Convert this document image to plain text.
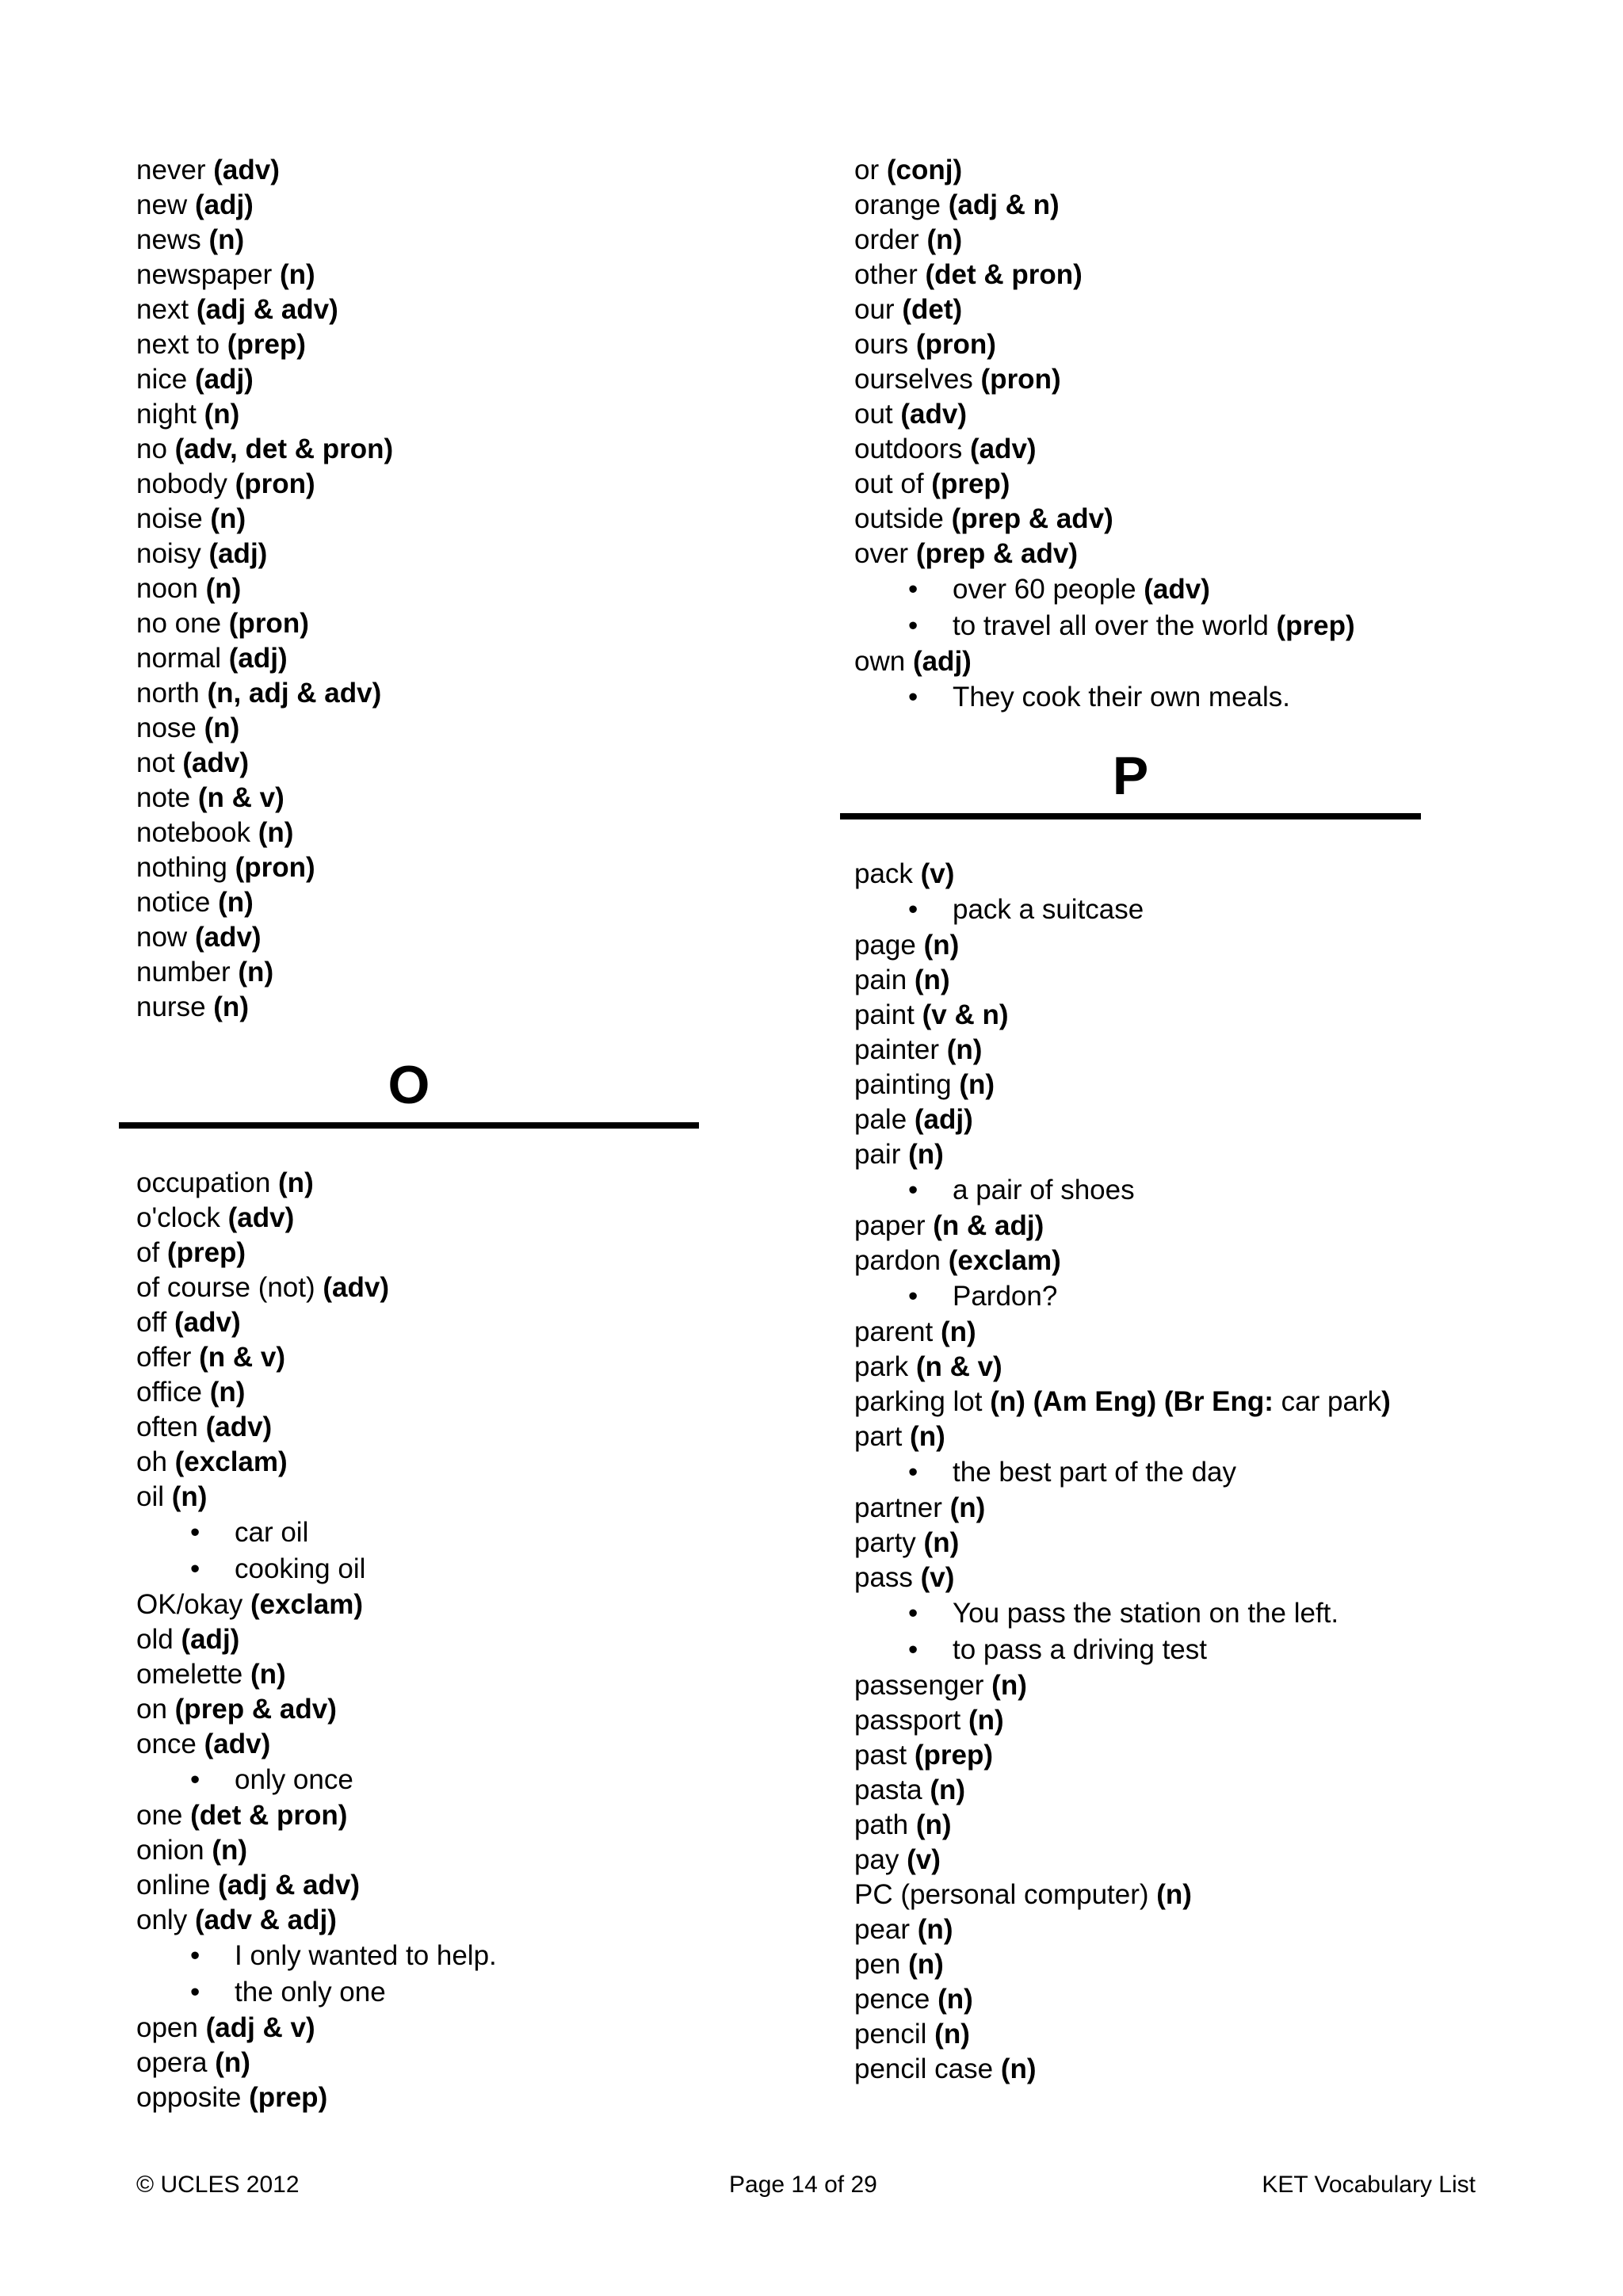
never (adv)
new (adj)
news (n)
newspaper (n)
next (adj & adv)
next to (prep)
nice (adj)
night (n)
no (adv, det & pron)
nobody (pron)
noise (n)
noisy (adj)
noon (n)
no one (pron)
normal (adj)
north (n, adj & adv)
nose (n)
not (adv)
note (n & v)
notebook (n)
nothing (pron)
notice (n)
now (adv)
number (n)
nurse (n)
O
occupation (n)
o'clock (adv)
of (prep)
of course (not) (adv)
off (adv)
offer (n & v)
office (n)
often (adv)
oh (exclam)
oil (n)
• car oil
• cooking oil
OK/okay (exclam)
old (adj)
omelette (n)
on (prep & adv)
once (adv)
• only once
one (det & pron)
onion (n)
online (adj & adv)
only (adv & adj)
• I only wanted to help.
• the only one
open (adj & v)
opera (n)
opposite (prep)
or (conj)
orange (adj & n)
order (n)
other (det & pron)
our (det)
ours (pron)
ourselves (pron)
out (adv)
outdoors (adv)
out of (prep)
outside (prep & adv)
over (prep & adv)
• over 60 people (adv)
• to travel all over the world (prep)
own (adj)
• They cook their own meals.
P
pack (v)
• pack a suitcase
page (n)
pain (n)
paint (v & n)
painter (n)
painting (n)
pale (adj)
pair (n)
• a pair of shoes
paper (n & adj)
pardon (exclam)
• Pardon?
parent (n)
park (n & v)
parking lot (n) (Am Eng) (Br Eng: car park)
part (n)
• the best part of the day
partner (n)
party (n)
pass (v)
• You pass the station on the left.
• to pass a driving test
passenger (n)
passport (n)
past (prep)
pasta (n)
path (n)
pay (v)
PC (personal computer) (n)
pear (n)
pen (n)
pence (n)
pencil (n)
pencil case (n)
© UCLES 2012	Page 14 of 29	KET Vocabulary List
